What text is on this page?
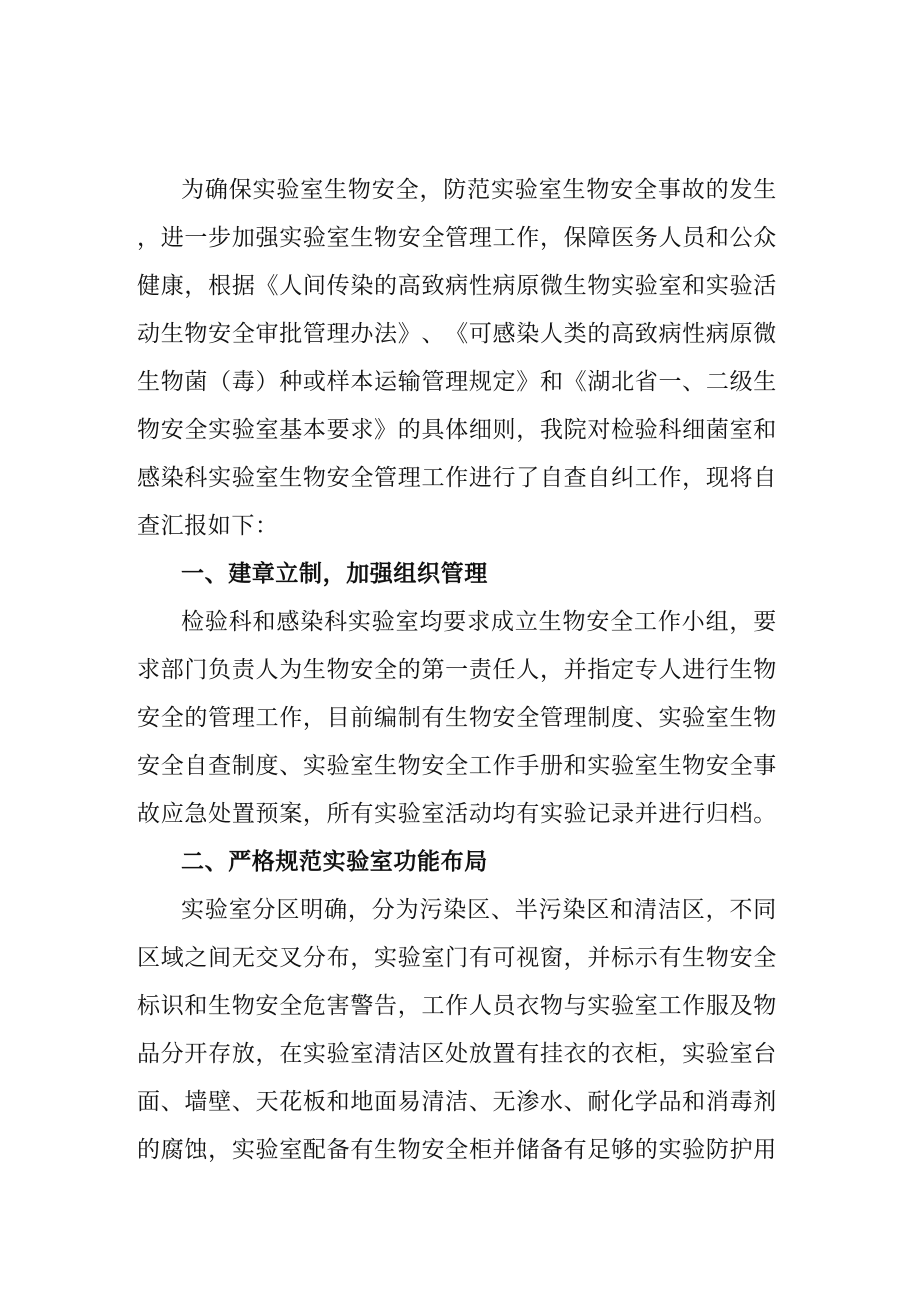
为 确 保 实 验 室 生 物 安 全 ， 防 范 实 验 室 生 物 安 全 事 故 的 发 生
， 进 一 步 加 强 实 验 室 生 物 安 全 管 理 工 作 ， 保 障 医 务 人 员 和 公 众
健 康 ， 根 据 《 人 间 传 染 的 高 致 病 性 病 原 微 生 物 实 验 室 和 实 验 活
动 生 物 安 全 审 批 管 理 办 法 》 、 《 可 感 染 人 类 的 高 致 病 性 病 原 微
生 物 菌 （ 毒 ） 种 或 样 本 运 输 管 理 规 定 》 和 《 湖 北 省 一 、 二 级 生
物 安 全 实 验 室 基 本 要 求 》 的 具 体 细 则 ， 我 院 对 检 验 科 细 菌 室 和
感 染 科 实 验 室 生 物 安 全 管 理 工 作 进 行 了 自 查 自 纠 工 作 ， 现 将 自
查汇报如下：
一、建章立制，加强组织管理
检 验 科 和 感 染 科 实 验 室 均 要 求 成 立 生 物 安 全 工 作 小 组 ， 要
求 部 门 负 责 人 为 生 物 安 全 的 第 一 责 任 人 ， 并 指 定 专 人 进 行 生 物
安 全 的 管 理 工 作 ， 目 前 编 制 有 生 物 安 全 管 理 制 度 、 实 验 室 生 物
安 全 自 查 制 度 、 实 验 室 生 物 安 全 工 作 手 册 和 实 验 室 生 物 安 全 事
故 应 急 处 置 预 案 ， 所 有 实 验 室 活 动 均 有 实 验 记 录 并 进 行 归 档 。
二、严格规范实验室功能布局
实 验 室 分 区 明 确 ， 分 为 污 染 区 、 半 污 染 区 和 清 洁 区 ， 不 同
区 域 之 间 无 交 叉 分 布 ， 实 验 室 门 有 可 视 窗 ， 并 标 示 有 生 物 安 全
标 识 和 生 物 安 全 危 害 警 告 ， 工 作 人 员 衣 物 与 实 验 室 工 作 服 及 物
品 分 开 存 放 ， 在 实 验 室 清 洁 区 处 放 置 有 挂 衣 的 衣 柜 ， 实 验 室 台
面 、 墙 壁 、 天 花 板 和 地 面 易 清 洁 、 无 渗 水 、 耐 化 学 品 和 消 毒 剂
的 腐 蚀 ， 实 验 室 配 备 有 生 物 安 全 柜 并 储 备 有 足 够 的 实 验 防 护 用
